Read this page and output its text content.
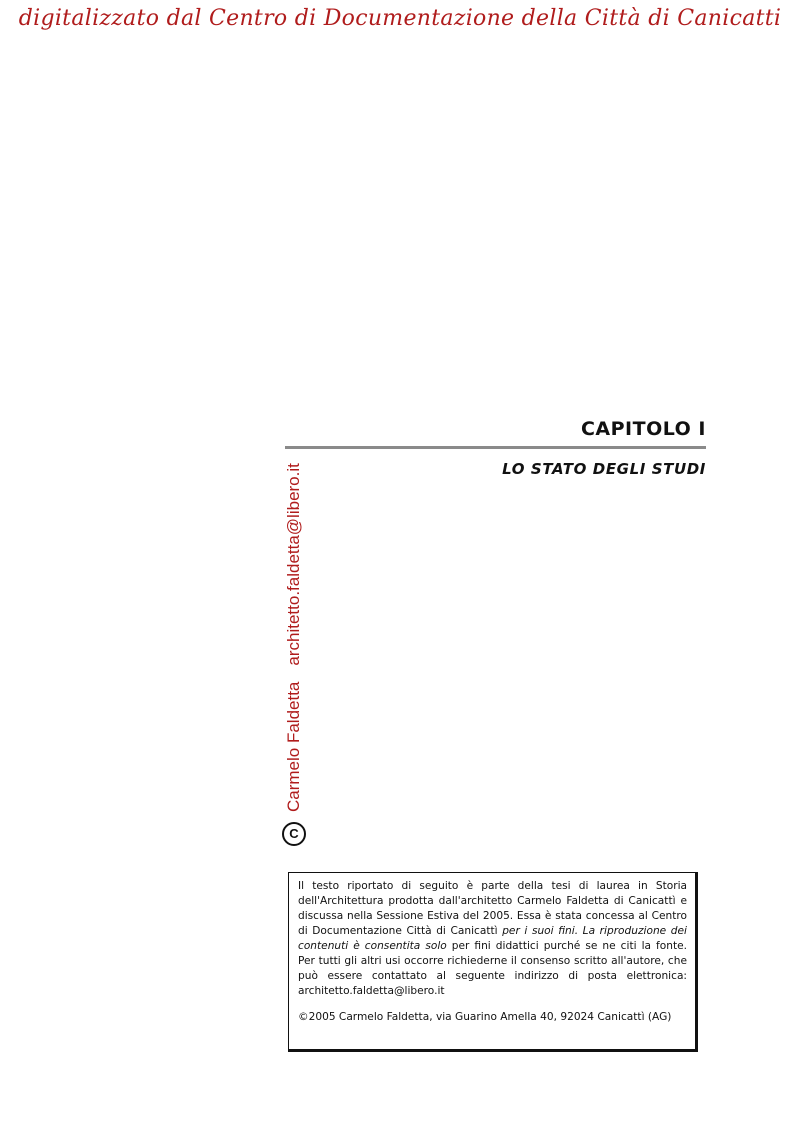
digitalizzato dal Centro di Documentazione della Città di Canicatti
CAPITOLO I
LO STATO DEGLI STUDI
C
Carmelo Faldetta
architetto.faldetta@libero.it
Il testo riportato di seguito è parte della tesi di laurea in Storia dell'Architettura prodotta dall'architetto Carmelo Faldetta di Canicattì e discussa nella Sessione Estiva del 2005. Essa è stata concessa al Centro di Documentazione Città di Canicattì per i suoi fini. La riproduzione dei contenuti è consentita solo per fini didattici purché se ne citi la fonte. Per tutti gli altri usi occorre richiederne il consenso scritto all'autore, che può essere contattato al seguente indirizzo di posta elettronica: architetto.faldetta@libero.it
©2005 Carmelo Faldetta, via Guarino Amella 40, 92024 Canicattì (AG)
